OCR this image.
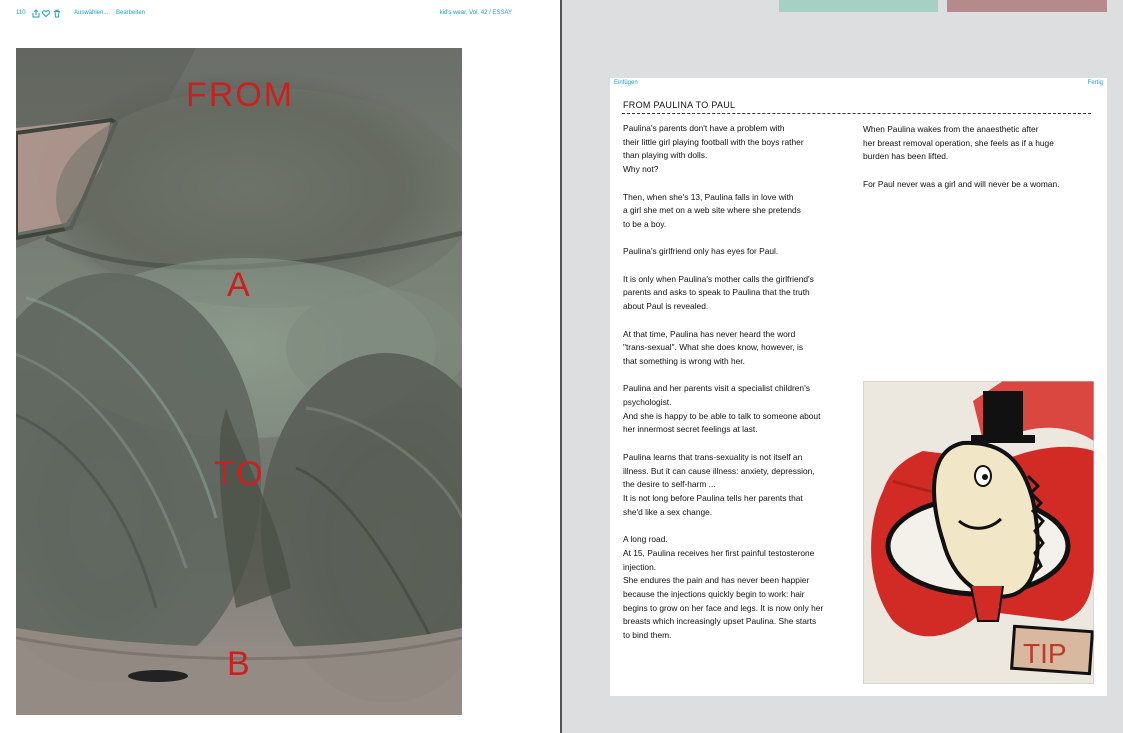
110	Auswählen... Bearbeiten	kid's wear, Vol. 42 / ESSAY
FROM
A
TO
B
Einfügen	Fertig
FROM PAULINA TO PAUL
Paulina's parents don't have a problem with
their little girl playing football with the boys rather
than playing with dolls.
Why not?

Then, when she's 13, Paulina falls in love with
a girl she met on a web site where she pretends
to be a boy.

Paulina's girlfriend only has eyes for Paul.

It is only when Paulina's mother calls the girlfriend's
parents and asks to speak to Paulina that the truth
about Paul is revealed.

At that time, Paulina has never heard the word
"trans-sexual". What she does know, however, is
that something is wrong with her.

Paulina and her parents visit a specialist children's
psychologist.
And she is happy to be able to talk to someone about
her innermost secret feelings at last.

Paulina learns that trans-sexuality is not itself an
illness. But it can cause illness: anxiety, depression,
the desire to self-harm ...
It is not long before Paulina tells her parents that
she'd like a sex change.

A long road.
At 15, Paulina receives her first painful testosterone
injection.
She endures the pain and has never been happier
because the injections quickly begin to work: hair
begins to grow on her face and legs. It is now only her
breasts which increasingly upset Paulina. She starts
to bind them.
When Paulina wakes from the anaesthetic after
her breast removal operation, she feels as if a huge
burden has been lifted.

For Paul never was a girl and will never be a woman.
TIP
